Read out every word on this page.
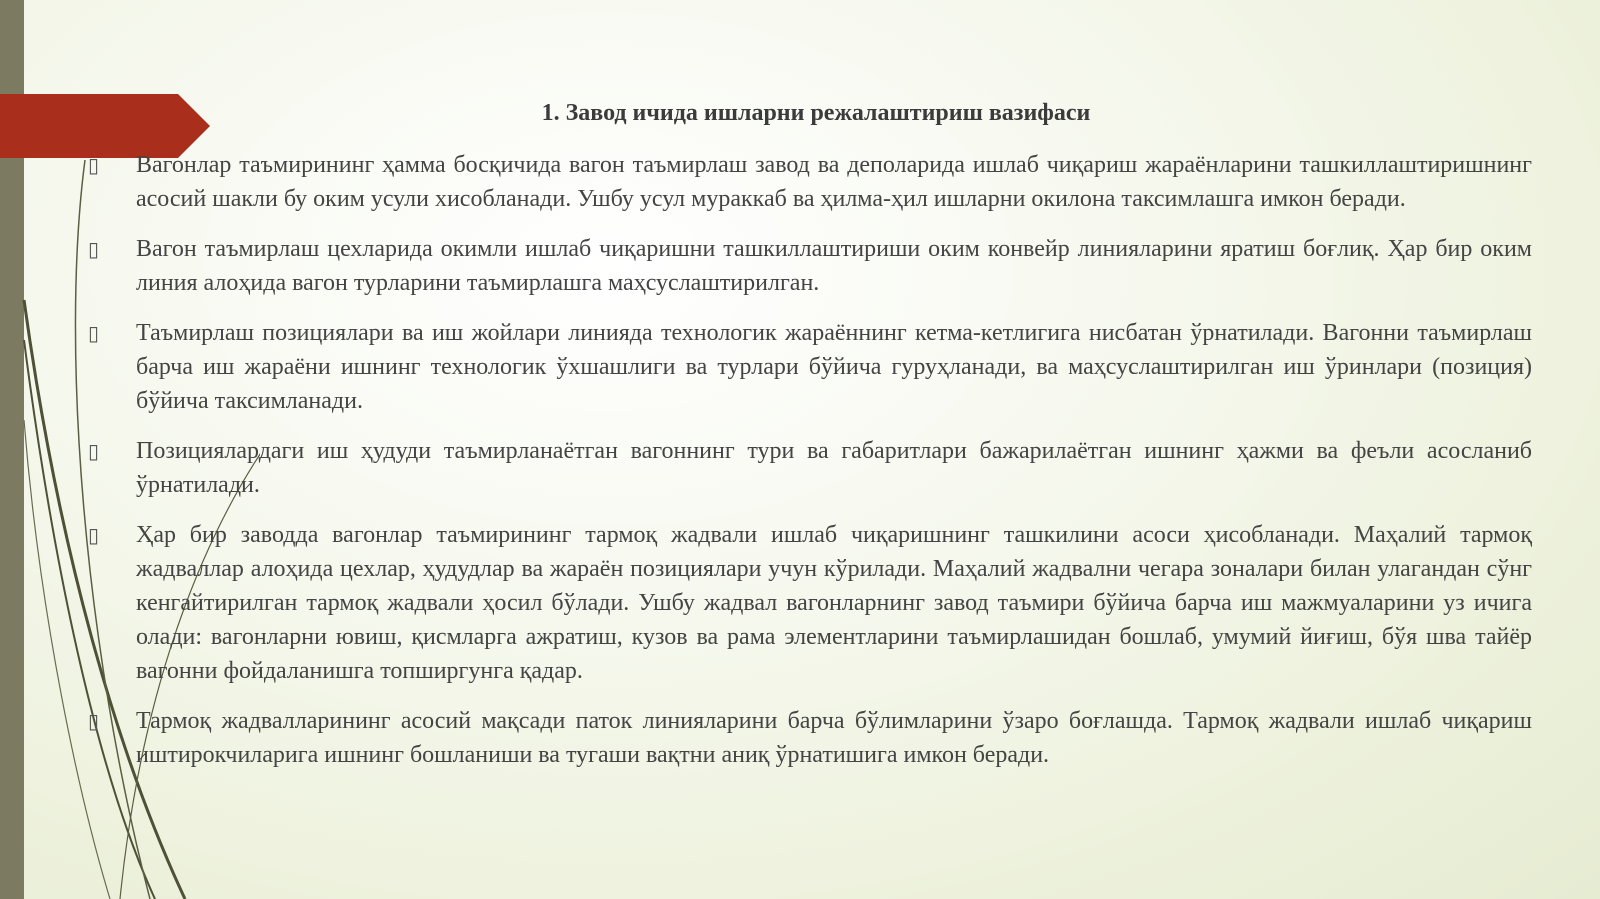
1. Завод ичида ишларни режалаштириш вазифаси
▯ Вагонлар таъмирининг ҳамма босқичида вагон таъмирлаш завод ва деполарида ишлаб чиқариш жараёнларини ташкиллаштиришнинг асосий шакли бу оким усули хисобланади. Ушбу усул мураккаб ва ҳилма-ҳил ишларни окилона таксимлашга имкон беради.
▯ Вагон таъмирлаш цехларида окимли ишлаб чиқаришни ташкиллаштириши оким конвейр линияларини яратиш боғлиқ. Ҳар бир оким линия алоҳида вагон турларини таъмирлашга маҳсуслаштирилган.
▯ Таъмирлаш позициялари ва иш жойлари линияда технологик жараённинг кетма-кетлигига нисбатан ўрнатилади. Вагонни таъмирлаш барча иш жараёни ишнинг технологик ўхшашлиги ва турлари бўйича гуруҳланади, ва маҳсуслаштирилган иш ўринлари (позиция) бўйича таксимланади.
▯ Позициялардаги иш ҳудуди таъмирланаётган вагоннинг тури ва габаритлари бажарилаётган ишнинг ҳажми ва феъли асосланиб ўрнатилади.
▯ Ҳар бир заводда вагонлар таъмирининг тармоқ жадвали ишлаб чиқаришнинг ташкилини асоси ҳисобланади. Маҳалий тармоқ жадваллар алоҳида цехлар, ҳудудлар ва жараён позициялари учун кўрилади. Маҳалий жадвални чегара зоналари билан улагандан сўнг кенгайтирилган тармоқ жадвали ҳосил бўлади. Ушбу жадвал вагонларнинг завод таъмири бўйича барча иш мажмуаларини уз ичига олади: вагонларни ювиш, қисмларга ажратиш, кузов ва рама элементларини таъмирлашидан бошлаб, умумий йиғиш, бўя шва тайёр вагонни фойдаланишга топширгунга қадар.
▯ Тармоқ жадвалларининг асосий мақсади паток линияларини барча бўлимларини ўзаро боғлашда. Тармоқ жадвали ишлаб чиқариш иштирокчиларига ишнинг бошланиши ва тугаши вақтни аниқ ўрнатишига имкон беради.
